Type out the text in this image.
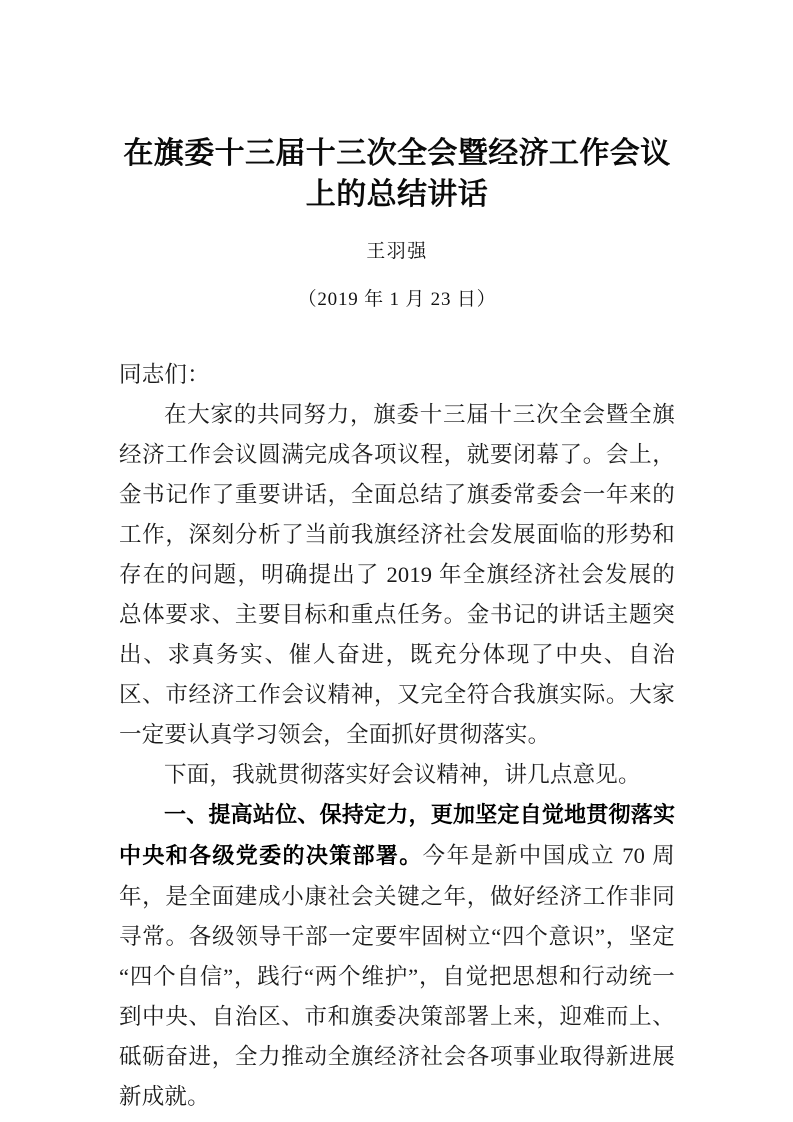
在旗委十三届十三次全会暨经济工作会议上的总结讲话

王羽强

（2019 年 1 月 23 日）

同志们：

在大家的共同努力，旗委十三届十三次全会暨全旗经济工作会议圆满完成各项议程，就要闭幕了。会上，金书记作了重要讲话，全面总结了旗委常委会一年来的工作，深刻分析了当前我旗经济社会发展面临的形势和存在的问题，明确提出了 2019 年全旗经济社会发展的总体要求、主要目标和重点任务。金书记的讲话主题突出、求真务实、催人奋进，既充分体现了中央、自治区、市经济工作会议精神，又完全符合我旗实际。大家一定要认真学习领会，全面抓好贯彻落实。

下面，我就贯彻落实好会议精神，讲几点意见。

一、提高站位、保持定力，更加坚定自觉地贯彻落实中央和各级党委的决策部署。今年是新中国成立 70 周年，是全面建成小康社会关键之年，做好经济工作非同寻常。各级领导干部一定要牢固树立“四个意识”，坚定“四个自信”，践行“两个维护”，自觉把思想和行动统一到中央、自治区、市和旗委决策部署上来，迎难而上、砥砺奋进，全力推动全旗经济社会各项事业取得新进展新成就。
